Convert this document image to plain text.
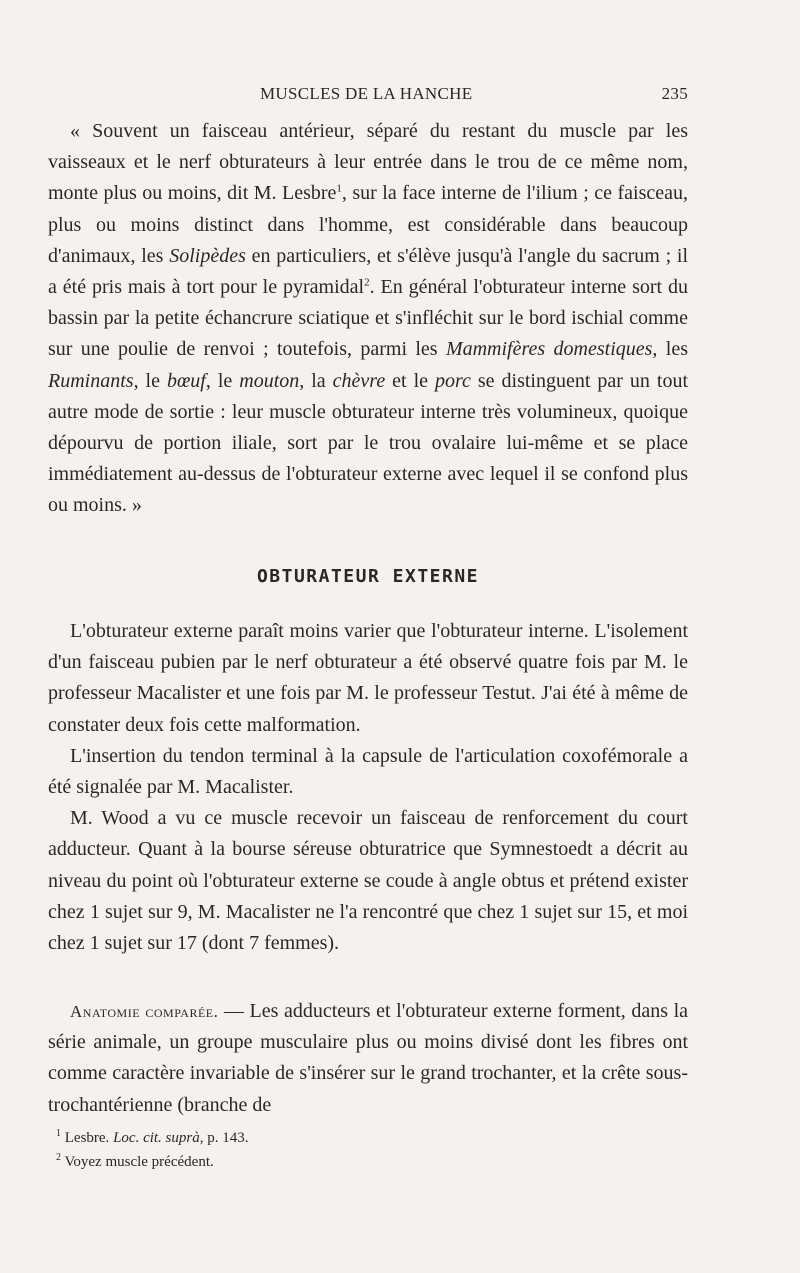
MUSCLES DE LA HANCHE	235

« Souvent un faisceau antérieur, séparé du restant du muscle par les vaisseaux et le nerf obturateurs à leur entrée dans le trou de ce même nom, monte plus ou moins, dit M. Lesbre$^1$, sur la face interne de l'ilium ; ce faisceau, plus ou moins distinct dans l'homme, est considérable dans beaucoup d'animaux, les Solipèdes en particuliers, et s'élève jusqu'à l'angle du sacrum ; il a été pris mais à tort pour le pyramidal$^2$. En général l'obturateur interne sort du bassin par la petite échancrure sciatique et s'infléchit sur le bord ischial comme sur une poulie de renvoi ; toutefois, parmi les Mammifères domestiques, les Ruminants, le bœuf, le mouton, la chèvre et le porc se distinguent par un tout autre mode de sortie : leur muscle obturateur interne très volumineux, quoique dépourvu de portion iliale, sort par le trou ovalaire lui-même et se place immédiatement au-dessus de l'obturateur externe avec lequel il se confond plus ou moins. »

OBTURATEUR EXTERNE

L'obturateur externe paraît moins varier que l'obturateur interne. L'isolement d'un faisceau pubien par le nerf obturateur a été observé quatre fois par M. le professeur Macalister et une fois par M. le professeur Testut. J'ai été à même de constater deux fois cette malformation.

L'insertion du tendon terminal à la capsule de l'articulation coxofémorale a été signalée par M. Macalister.

M. Wood a vu ce muscle recevoir un faisceau de renforcement du court adducteur. Quant à la bourse séreuse obturatrice que Symnestoedt a décrit au niveau du point où l'obturateur externe se coude à angle obtus et prétend exister chez 1 sujet sur 9, M. Macalister ne l'a rencontré que chez 1 sujet sur 15, et moi chez 1 sujet sur 17 (dont 7 femmes).

Anatomie comparée. — Les adducteurs et l'obturateur externe forment, dans la série animale, un groupe musculaire plus ou moins divisé dont les fibres ont comme caractère invariable de s'insérer sur le grand trochanter, et la crête sous-trochantérienne (branche de

$^1$ Lesbre. Loc. cit. suprà, p. 143.

$^2$ Voyez muscle précédent.
